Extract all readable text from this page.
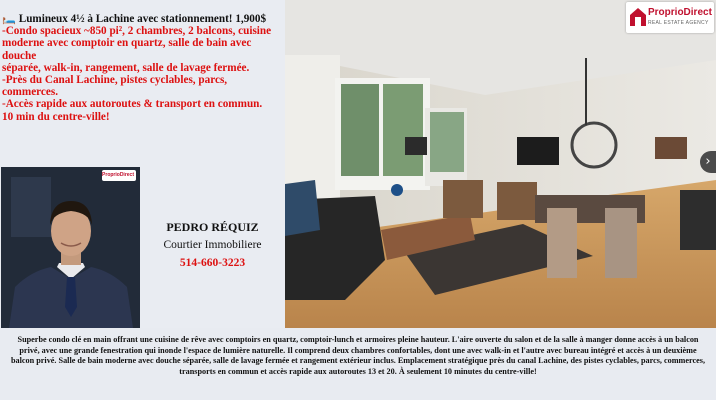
🛏️ Lumineux 4½ à Lachine avec stationnement! 1,900$
-Condo spacieux ~850 pi², 2 chambres, 2 balcons, cuisine
moderne avec comptoir en quartz, salle de bain avec douche
séparée, walk-in, rangement, salle de lavage fermée.
-Près du Canal Lachine, pistes cyclables, parcs, commerces.
-Accès rapide aux autoroutes & transport en commun.
10 min du centre-ville!
ProprioDirect
PEDRO RÉQUIZ
Courtier Immobiliere
514-660-3223
ProprioDirect
REAL ESTATE AGENCY
›
Superbe condo clé en main offrant une cuisine de rêve avec comptoirs en quartz, comptoir-lunch et armoires pleine hauteur. L'aire ouverte du salon et de la salle à manger donne accès à un balcon privé, avec une grande fenestration qui inonde l'espace de lumière naturelle. Il comprend deux chambres confortables, dont une avec walk-in et l'autre avec bureau intégré et accès à un deuxième balcon privé. Salle de bain moderne avec douche séparée, salle de lavage fermée et rangement extérieur inclus. Emplacement stratégique près du canal Lachine, des pistes cyclables, parcs, commerces, transports en commun et accès rapide aux autoroutes 13 et 20. À seulement 10 minutes du centre-ville!
